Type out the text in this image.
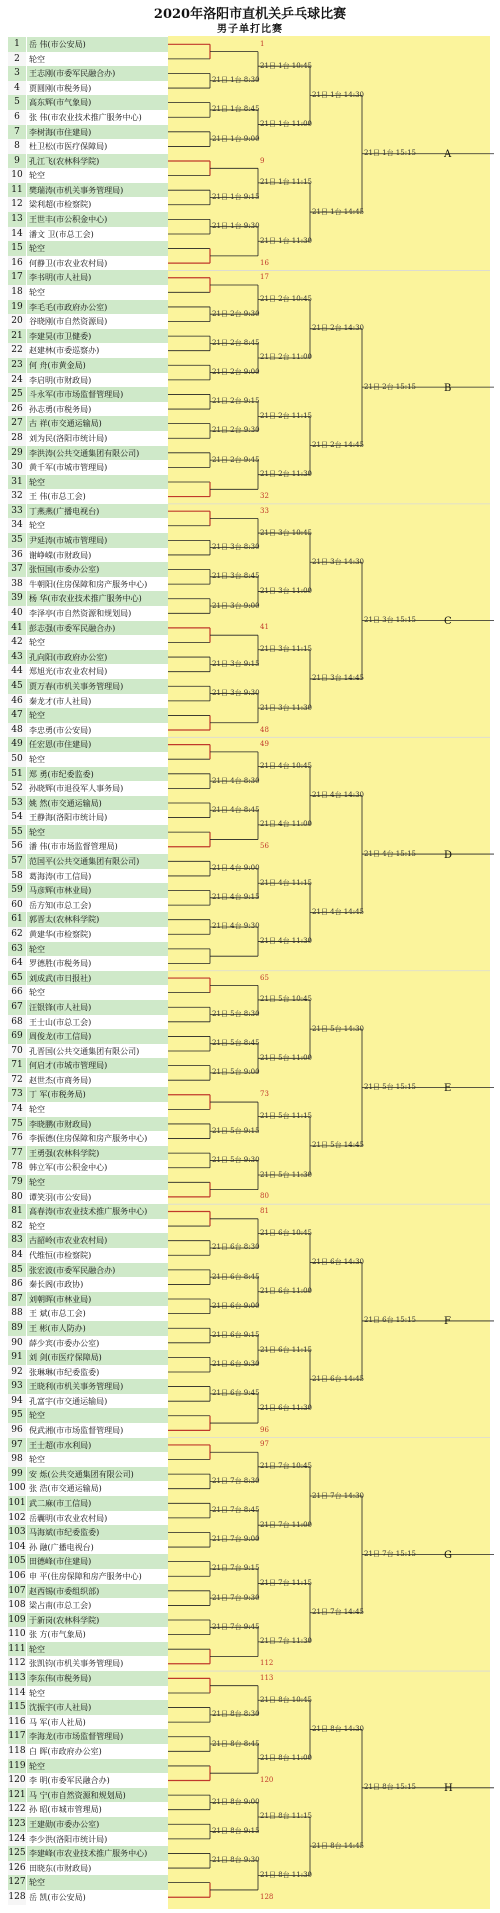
2020年洛阳市直机关乒乓球比赛
男子单打比赛
1	岳 伟(市公安局)
2	轮空
3	王志刚(市委军民融合办)
4	贾圆刚(市税务局)
5	高东辉(市气象局)
6	张 伟(市农业技术推广服务中心)
7	李树海(市住建局)
8	杜卫松(市医疗保障局)
9	孔江飞(农林科学院)
10 轮空
11 樊瑞涛(市机关事务管理局)
12 梁利超(市检察院)
13 王世丰(市公积金中心)
14 潘文 卫(市总工会)
15 轮空
16 何静卫(市农业农村局)
17 李书明(市人社局)
18 轮空
19 李毛毛(市政府办公室)
20 谷晓刚(市自然资源局)
21 李建昊(市卫健委)
22 赵建林(市委巡察办)
23 何 舟(市黄金局)
24 李启明(市财政局)
25 斗永军(市市场监督管理局)
26 孙志勇(市税务局)
27 古 祥(市交通运输局)
28 刘为民(洛阳市统计局)
29 李洪涛(公共交通集团有限公司)
30 黄千军(市城市管理局)
31 轮空
32 王 伟(市总工会)
33 丁燕燕(广播电视台)
34 轮空
35 尹延涛(市城市管理局)
36 谢峥嵘(市财政局)
37 张恒国(市委办公室)
38 牛朝阳(住房保障和房产服务中心)
39 杨 华(市农业技术推广服务中心)
40 李泽亭(市自然资源和规划局)
41 彭志强(市委军民融合办)
42 轮空
43 孔向阳(市政府办公室)
44 郑旭光(市农业农村局)
45 贾万春(市机关事务管理局)
46 秦龙才(市人社局)
47 轮空
48 李忠勇(市公安局)
49 任宏恩(市住建局)
50 轮空
51 郑 勇(市纪委监委)
52 孙晓辉(市退役军人事务局)
53 姚 然(市交通运输局)
54 王静海(洛阳市统计局)
55 轮空
56 潘 伟(市市场监督管理局)
57 范国平(公共交通集团有限公司)
58 葛海涛(市工信局)
59 马彦辉(市林业局)
60 岳方知(市总工会)
61 郭晋太(农林科学院)
62 黄建华(市检察院)
63 轮空
64 罗德胜(市税务局)
65 刘成武(市日报社)
66 轮空
67 汪银锋(市人社局)
68 王士山(市总工会)
69 周俊龙(市工信局)
70 孔晋国(公共交通集团有限公司)
71 何启才(市城市管理局)
72 赵世杰(市商务局)
73 丁 军(市税务局)
74 轮空
75 李晓鹏(市财政局)
76 李振德(住房保障和房产服务中心)
77 王勇强(农林科学院)
78 韩立军(市公积金中心)
79 轮空
80 谭笑羽(市公安局)
81 高春涛(市农业技术推广服务中心)
82 轮空
83 古韶岭(市农业农村局)
84 代维恒(市检察院)
85 张宏波(市委军民融合办)
86 秦长阁(市政协)
87 刘朝晖(市林业局)
88 王 斌(市总工会)
89 王 彬(市人防办)
90 薛少宾(市委办公室)
91 刘 剑(市医疗保障局)
92 张琳琳(市纪委监委)
93 王晓利(市机关事务管理局)
94 孔富宇(市交通运输局)
95 轮空
96 倪武湘(市市场监督管理局)
97 王士超(市水利局)
98 轮空
99 安 烁(公共交通集团有限公司)
100 张 浩(市交通运输局)
101 武二麻(市工信局)
102 岳囊明(市农业农村局)
103 马海斌(市纪委监委)
104 孙 融(广播电视台)
105 田德峰(市住建局)
106 申 平(住房保障和房产服务中心)
107 赵西锡(市委组织部)
108 梁占南(市总工会)
109 于新岗(农林科学院)
110 张 方(市气象局)
111 轮空
112 张凯钧(市机关事务管理局)
113 李东伟(市税务局)
114 轮空
115 沈振宇(市人社局)
116 马 军(市人社局)
117 李海龙(市市场监督管理局)
118 白 晖(市政府办公室)
119 轮空
120 李 明(市委军民融合办)
121 马 宁(市自然资源和规划局)
122 孙 昭(市城市管理局)
123 王建勋(市委办公室)
124 李少洪(洛阳市统计局)
125 李建峰(市农业技术推广服务中心)
126 田晓东(市财政局)
127 轮空
128 岳 凯(市公安局)
21日 1台 8:30
21日 1台 8:45
21日 1台 9:00
21日 1台 9:15
21日 1台 9:30
21日 2台 9:30
21日 2台 8:45
21日 2台 9:00
21日 2台 9:15
21日 2台 9:30
21日 2台 9:45
21日 3台 8:30
21日 3台 8:45
21日 3台 9:00
21日 3台 9:15
21日 3台 9:30
21日 4台 8:30
21日 4台 8:45
21日 4台 9:00
21日 4台 9:15
21日 4台 9:30
21日 5台 8:30
21日 5台 8:45
21日 5台 9:00
21日 5台 9:15
21日 5台 9:30
21日 6台 8:30
21日 6台 8:45
21日 6台 9:00
21日 6台 9:15
21日 6台 9:30
21日 6台 9:45
21日 7台 8:30
21日 7台 8:45
21日 7台 9:00
21日 7台 9:15
21日 7台 9:30
21日 7台 9:45
21日 8台 8:30
21日 8台 8:45
21日 8台 9:00
21日 8台 9:15
21日 8台 9:30
1
9
16
17
32
33
41
48
49
56
65
73
80
81
96
97
112
113
120
128
21日 1台 10:45
21日 1台 11:00
21日 1台 11:15
21日 1台 11:30
21日 2台 10:45
21日 2台 11:00
21日 2台 11:15
21日 2台 11:30
21日 3台 10:45
21日 3台 11:00
21日 3台 11:15
21日 3台 11:30
21日 4台 10:45
21日 4台 11:00
21日 4台 11:15
21日 4台 11:30
21日 5台 10:45
21日 5台 11:00
21日 5台 11:15
21日 5台 11:30
21日 6台 10:45
21日 6台 11:00
21日 6台 11:15
21日 6台 11:30
21日 7台 10:45
21日 7台 11:00
21日 7台 11:15
21日 7台 11:30
21日 8台 10:45
21日 8台 11:00
21日 8台 11:15
21日 8台 11:30
21日 1台 14:30
21日 1台 14:45
21日 2台 14:30
21日 2台 14:45
21日 3台 14:30
21日 3台 14:45
21日 4台 14:30
21日 4台 14:45
21日 5台 14:30
21日 5台 14:45
21日 6台 14:30
21日 6台 14:45
21日 7台 14:30
21日 7台 14:45
21日 8台 14:30
21日 8台 14:45
21日 1台 15:15	A
21日 2台 15:15	B
21日 3台 15:15	C
21日 4台 15:15	D
21日 5台 15:15	E
21日 6台 15:15	F
21日 7台 15:15	G
21日 8台 15:15	H
